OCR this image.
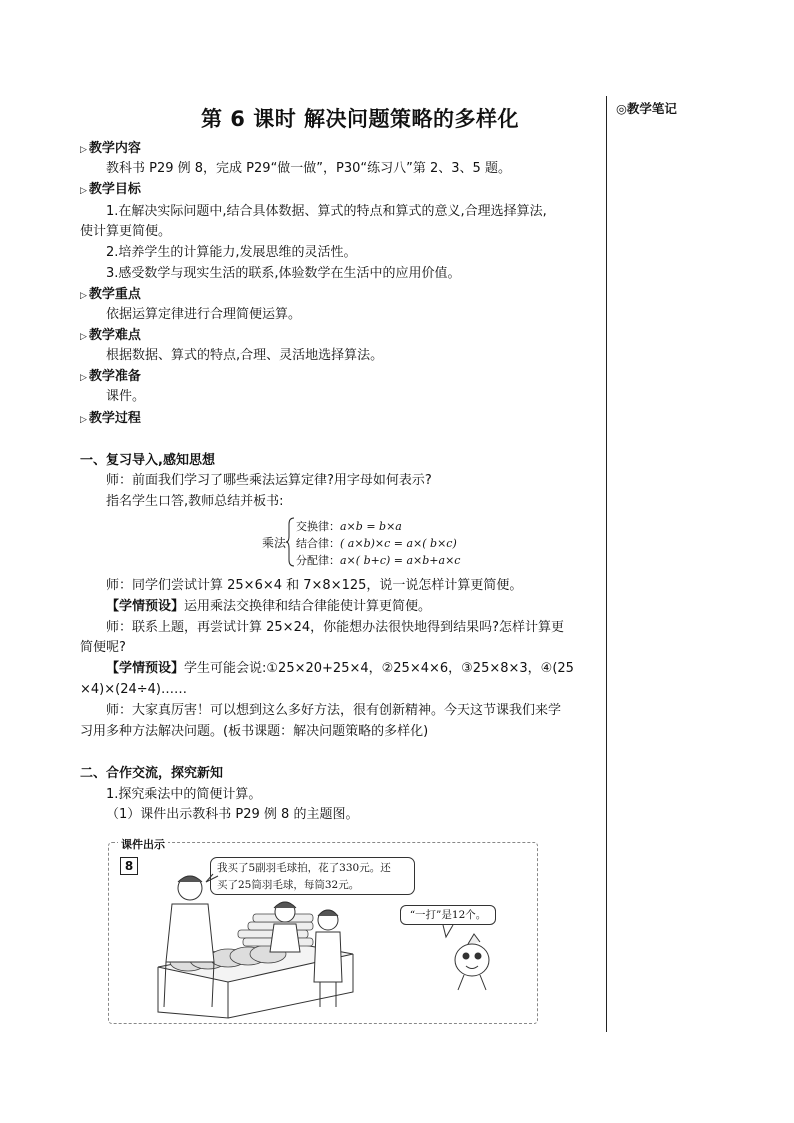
◎教学笔记
第 6 课时 解决问题策略的多样化
▷ 教学内容
教科书 P29 例 8，完成 P29“做一做”，P30“练习八”第 2、3、5 题。
▷ 教学目标
1.在解决实际问题中,结合具体数据、算式的特点和算式的意义,合理选择算法,
使计算更简便。
2.培养学生的计算能力,发展思维的灵活性。
3.感受数学与现实生活的联系,体验数学在生活中的应用价值。
▷ 教学重点
依据运算定律进行合理简便运算。
▷ 教学难点
根据数据、算式的特点,合理、灵活地选择算法。
▷ 教学准备
课件。
▷ 教学过程
一、复习导入,感知思想
师：前面我们学习了哪些乘法运算定律?用字母如何表示?
指名学生口答,教师总结并板书:
乘法
交换律：a×b = b×a
结合律：( a×b)×c = a×( b×c)
分配律：a×( b+c) = a×b+a×c
师：同学们尝试计算 25×6×4 和 7×8×125，说一说怎样计算更简便。
【学情预设】运用乘法交换律和结合律能使计算更简便。
师：联系上题，再尝试计算 25×24，你能想办法很快地得到结果吗?怎样计算更
简便呢?
【学情预设】学生可能会说:①25×20+25×4，②25×4×6，③25×8×3，④(25
×4)×(24÷4)……
师：大家真厉害！可以想到这么多好方法，很有创新精神。今天这节课我们来学
习用多种方法解决问题。(板书课题：解决问题策略的多样化)
二、合作交流，探究新知
1.探究乘法中的简便计算。
（1）课件出示教科书 P29 例 8 的主题图。
课件出示
8	我买了5副羽毛球拍，花了330元。还
买了25筒羽毛球，每筒32元。
“一打”是12个。
